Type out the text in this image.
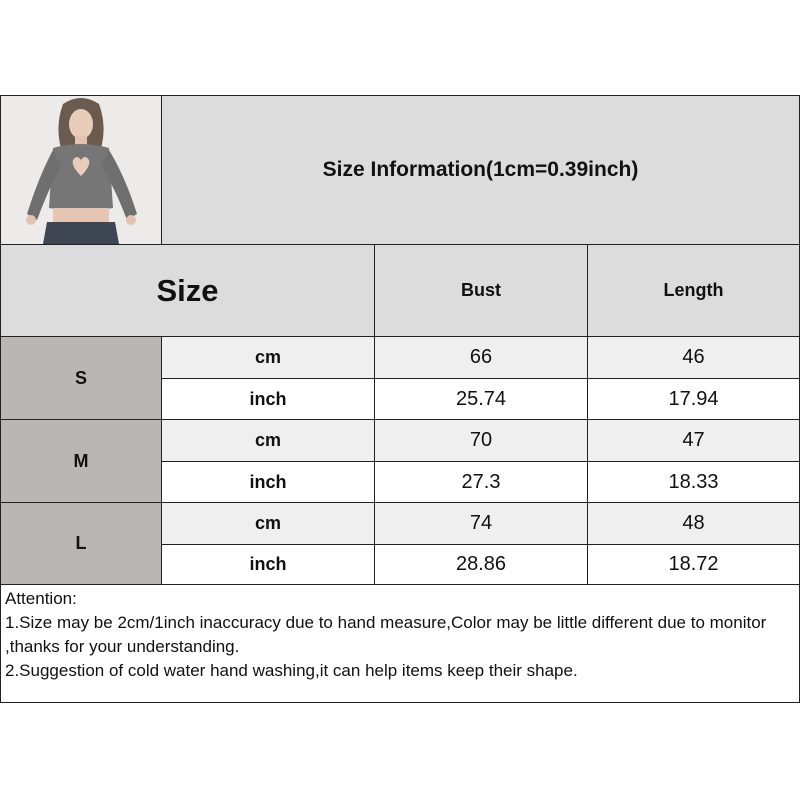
Size Information(1cm=0.39inch)
Size	Bust	Length
S
cm	66	46
inch	25.74	17.94
M
cm	70	47
inch	27.3	18.33
L
cm	74	48
inch	28.86	18.72
Attention:
1.Size may be 2cm/1inch inaccuracy due to hand measure,Color may be little different due to monitor ,thanks for your understanding.
2.Suggestion of cold water hand washing,it can help items keep their shape.
